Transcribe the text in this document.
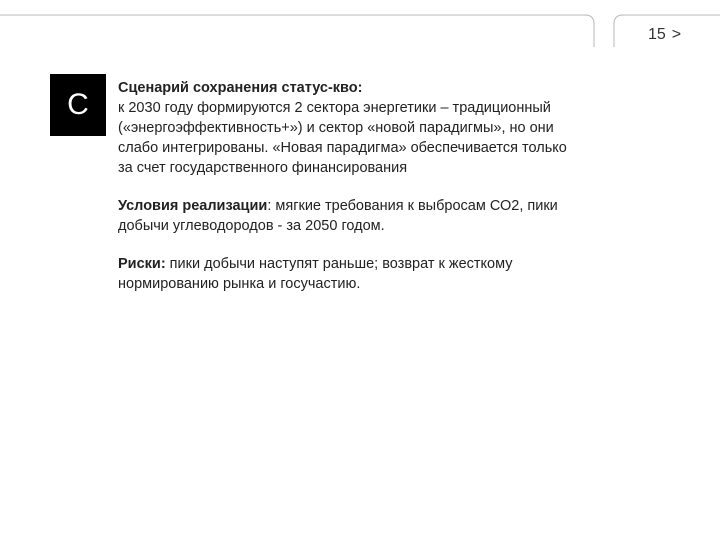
15 >
С Сценарий сохранения статус-кво:
к 2030 году формируются 2 сектора энергетики – традиционный
(«энергоэффективность+») и сектор «новой парадигмы», но они
слабо интегрированы. «Новая парадигма» обеспечивается только
за счет государственного финансирования

Условия реализации: мягкие требования к выбросам СО2, пики
добычи углеводородов - за 2050 годом.

Риски: пики добычи наступят раньше; возврат к жесткому
нормированию рынка и госучастию.
